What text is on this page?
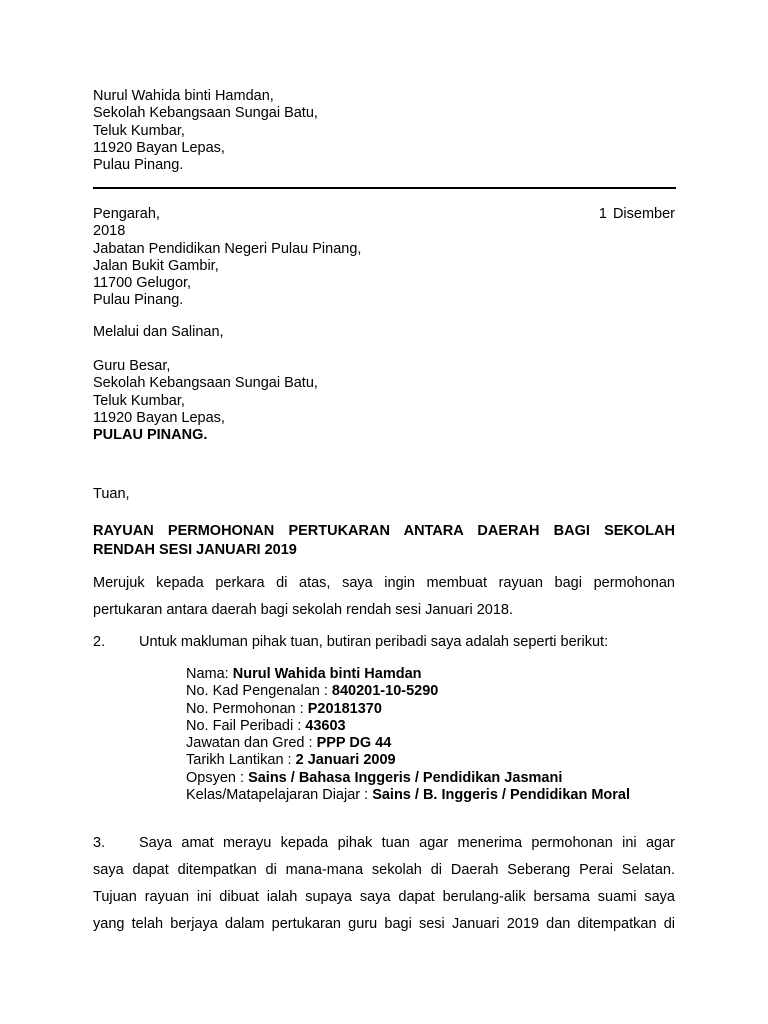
Nurul Wahida binti Hamdan,
Sekolah Kebangsaan Sungai Batu,
Teluk Kumbar,
11920 Bayan Lepas,
Pulau Pinang.
Pengarah,
2018
Jabatan Pendidikan Negeri Pulau Pinang,
Jalan Bukit Gambir,
11700 Gelugor,
Pulau Pinang.
1 Disember
Melalui dan Salinan,
Guru Besar,
Sekolah Kebangsaan Sungai Batu,
Teluk Kumbar,
11920 Bayan Lepas,
PULAU PINANG.
Tuan,
RAYUAN PERMOHONAN PERTUKARAN ANTARA DAERAH BAGI SEKOLAH
RENDAH SESI JANUARI 2019
Merujuk kepada perkara di atas, saya ingin membuat rayuan bagi permohonan
pertukaran antara daerah bagi sekolah rendah sesi Januari 2018.
2. Untuk makluman pihak tuan, butiran peribadi saya adalah seperti berikut:
Nama: Nurul Wahida binti Hamdan
No. Kad Pengenalan : 840201-10-5290
No. Permohonan : P20181370
No. Fail Peribadi : 43603
Jawatan dan Gred : PPP DG 44
Tarikh Lantikan : 2 Januari 2009
Opsyen : Sains / Bahasa Inggeris / Pendidikan Jasmani
Kelas/Matapelajaran Diajar : Sains / B. Inggeris / Pendidikan Moral
3. Saya amat merayu kepada pihak tuan agar menerima permohonan ini agar
saya dapat ditempatkan di mana-mana sekolah di Daerah Seberang Perai Selatan.
Tujuan rayuan ini dibuat ialah supaya saya dapat berulang-alik bersama suami saya
yang telah berjaya dalam pertukaran guru bagi sesi Januari 2019 dan ditempatkan di
